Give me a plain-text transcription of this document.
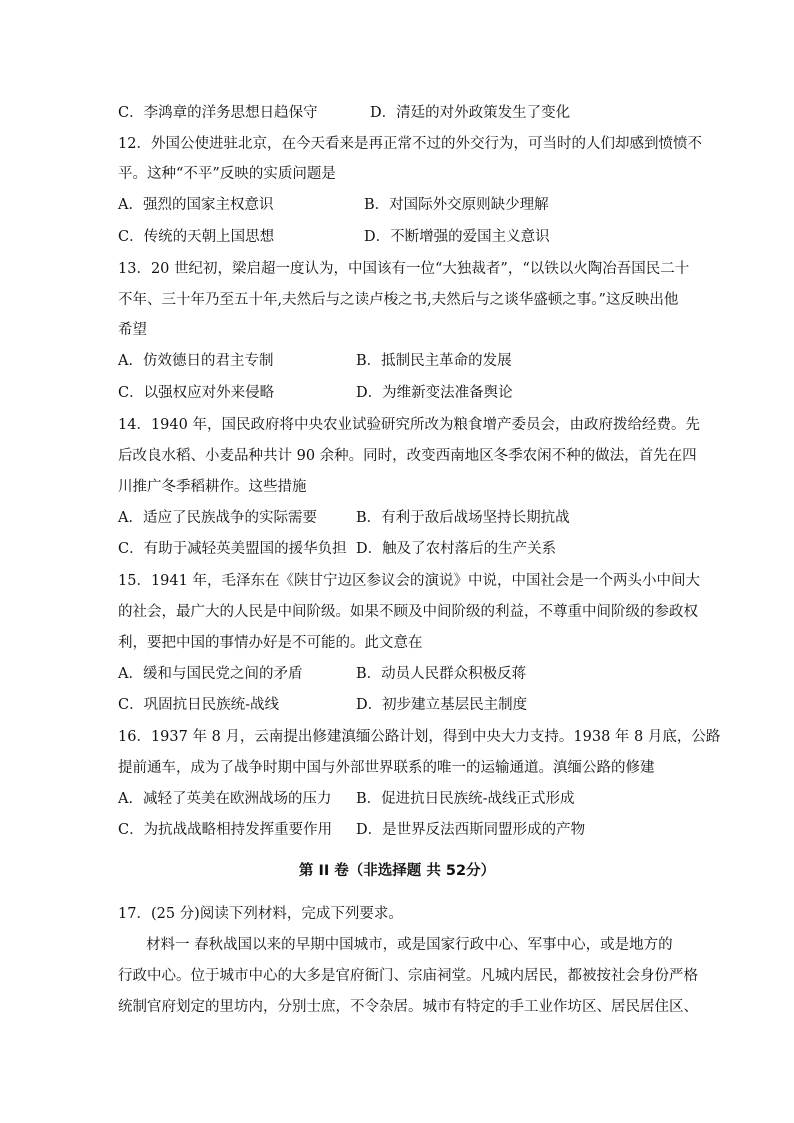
C．李鸿章的洋务思想日趋保守	D．清廷的对外政策发生了变化
12．外国公使进驻北京，在今天看来是再正常不过的外交行为，可当时的人们却感到愤愤不
平。这种“不平”反映的实质问题是
A．强烈的国家主权意识	B．对国际外交原则缺少理解
C．传统的天朝上国思想	D．不断增强的爱国主义意识
13．20 世纪初，梁启超一度认为，中国该有一位“大独裁者”，“以铁以火陶冶吾国民二十
不年、三十年乃至五十年,夫然后与之读卢梭之书,夫然后与之谈华盛顿之事。”这反映出他
希望
A．仿效德日的君主专制	B．抵制民主革命的发展
C．以强权应对外来侵略	D．为维新变法准备舆论
14．1940 年，国民政府将中央农业试验研究所改为粮食增产委员会，由政府拨给经费。先
后改良水稻、小麦品种共计 90 余种。同时，改变西南地区冬季农闲不种的做法，首先在四
川推广冬季稻耕作。这些措施
A．适应了民族战争的实际需要	B．有利于敌后战场坚持长期抗战
C．有助于减轻英美盟国的援华负担 D．触及了农村落后的生产关系
15．1941 年，毛泽东在《陕甘宁边区参议会的演说》中说，中国社会是一个两头小中间大
的社会，最广大的人民是中间阶级。如果不顾及中间阶级的利益，不尊重中间阶级的参政权
利，要把中国的事情办好是不可能的。此文意在
A．缓和与国民党之间的矛盾	B．动员人民群众积极反蒋
C．巩固抗日民族统-战线	D．初步建立基层民主制度
16．1937 年 8 月，云南提出修建滇缅公路计划，得到中央大力支持。1938 年 8 月底，公路
提前通车，成为了战争时期中国与外部世界联系的唯一的运输通道。滇缅公路的修建
A．减轻了英美在欧洲战场的压力 B．促进抗日民族统-战线正式形成
C．为抗战战略相持发挥重要作用 D．是世界反法西斯同盟形成的产物
第 II 卷（非选择题 共 52分）
17．(25 分)阅读下列材料，完成下列要求。
材料一 春秋战国以来的早期中国城市，或是国家行政中心、军事中心，或是地方的
行政中心。位于城市中心的大多是官府衙门、宗庙祠堂。凡城内居民，都被按社会身份严格
统制官府划定的里坊内，分别士庶，不令杂居。城市有特定的手工业作坊区、居民居住区、
